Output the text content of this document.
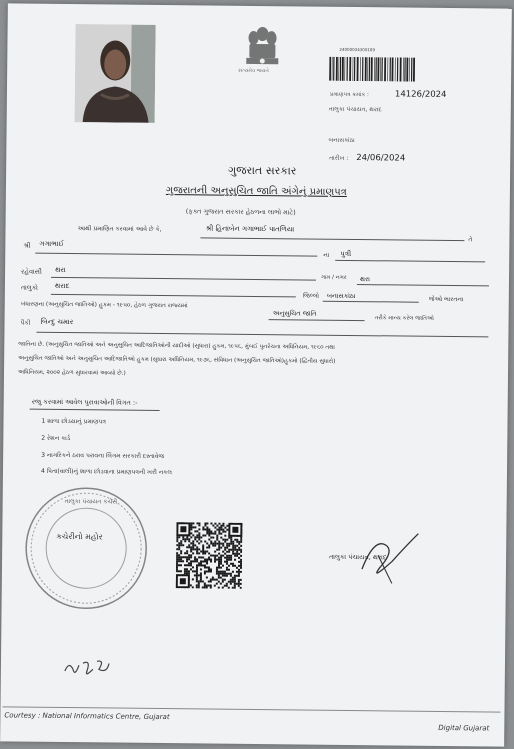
સત્યમેવ જયતે
24000034300189
પ્રમાણપત્ર ક્રમાંક :	14126/2024
તાલુકા પંચાયત, થરાદ
બનાસકાંઠા
તારીખ : 24/06/2024
ગુજરાત સરકાર
ગુજરાતની અનુસુચિત જાતિ અંગેનું પ્રમાણપત્ર
(ફક્ત ગુજરાત સરકાર હેઠળના લાભો માટે)
આથી પ્રમાણિત કરવામાં આવે છે કે,	શ્રી હિનાબેન ગગાભાઈ પાતળિયા
તે
શ્રી ગગાભાઈ
ના પુત્રી
રહેવાસી થરા
ગામ / નગર થરા
તાલુકો થરાદ
જિલ્લો બનાસકાંઠા	જેઓ ભારતના
બંધારણના (અનુસુચિત જાતિઓ) હુકમ - ૧૯૫૦, હેઠળ ગુજરાત રાજ્યમાં
અનુસુચિત જાતિ
તરીકે માન્ય કરેલ જાતિઓ
પૈકી બિન્દુ ચમાર
જાતિના છે. (અનુસુચિત જાતિઓ અને અનુસુચિત આદિજાતિઓની યાદીઓ (સુધારા) હુકમ, ૧૯૫૬, મુંબઈ પુનર્રચના અધિનિયમ, ૧૯૬૦ તથા
અનુસુચિત જાતિઓ અને અનુસુચિત આદિજાતિઓ હુકમ (સુધારા અધિનિયમ, ૧૯૭૬, સંવિધાન (અનુસુચિત જાતિઓ)હુકમો (દ્વિતીય સુધારો)
અધિનિયમ, ૨૦૦૨ હેઠળ સુધારવામાં આવ્યો છે.)
રજુ કરવામાં આવેલ પુરાવાઓની વિગત :-
1 શાળા છોડયાનું પ્રમાણપત્ર
2 રેશન કાર્ડ
3 નાગરિકને ઠરાવ પરાવના લિંગમ સરકારી દસ્તાવેજ
4 પિતા(વાલી)નું શાળા છોડવાના પ્રમાણપત્રની ખરી નકલ
તાલુકા પંચાયત કચેરી
કચેરીનો મહોર
તાલુકા પંચાયત, થરાદ
Courtesy : National Informatics Centre, Gujarat
Digital Gujarat
